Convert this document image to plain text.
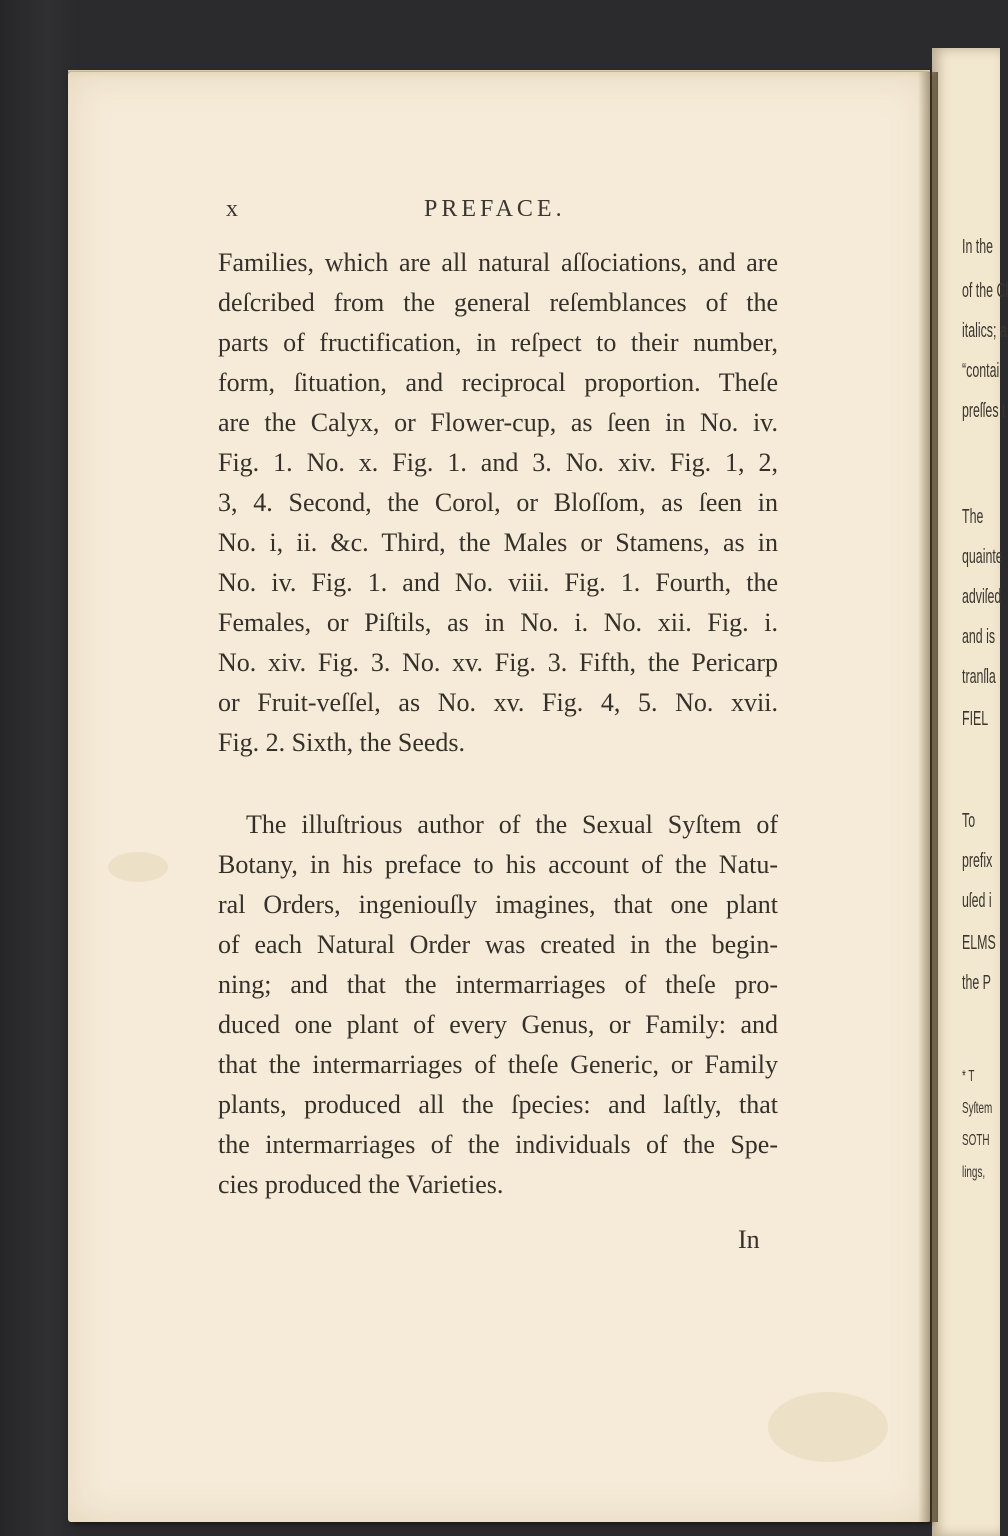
In the
of the Cl
italics; a
“contai
preſſes t
The
quainte
adviſed
and is
tranſla
FIEL
To
prefix
uſed i
ELMS
the P
* T
Syſtem
SOTH
lings,
x	PREFACE.
Families, which are all natural aſſociations, and are
deſcribed from the general reſemblances of the
parts of fructification, in reſpect to their number,
form, ſituation, and reciprocal proportion. Theſe
are the Calyx, or Flower-cup, as ſeen in No. iv.
Fig. 1. No. x. Fig. 1. and 3. No. xiv. Fig. 1, 2,
3, 4. Second, the Corol, or Bloſſom, as ſeen in
No. i, ii. &c. Third, the Males or Stamens, as in
No. iv. Fig. 1. and No. viii. Fig. 1. Fourth, the
Females, or Piſtils, as in No. i. No. xii. Fig. i.
No. xiv. Fig. 3. No. xv. Fig. 3. Fifth, the Pericarp
or Fruit-veſſel, as No. xv. Fig. 4, 5. No. xvii.
Fig. 2. Sixth, the Seeds.
The illuſtrious author of the Sexual Syſtem of
Botany, in his preface to his account of the Natu-
ral Orders, ingeniouſly imagines, that one plant
of each Natural Order was created in the begin-
ning; and that the intermarriages of theſe pro-
duced one plant of every Genus, or Family: and
that the intermarriages of theſe Generic, or Family
plants, produced all the ſpecies: and laſtly, that
the intermarriages of the individuals of the Spe-
cies produced the Varieties.
In
